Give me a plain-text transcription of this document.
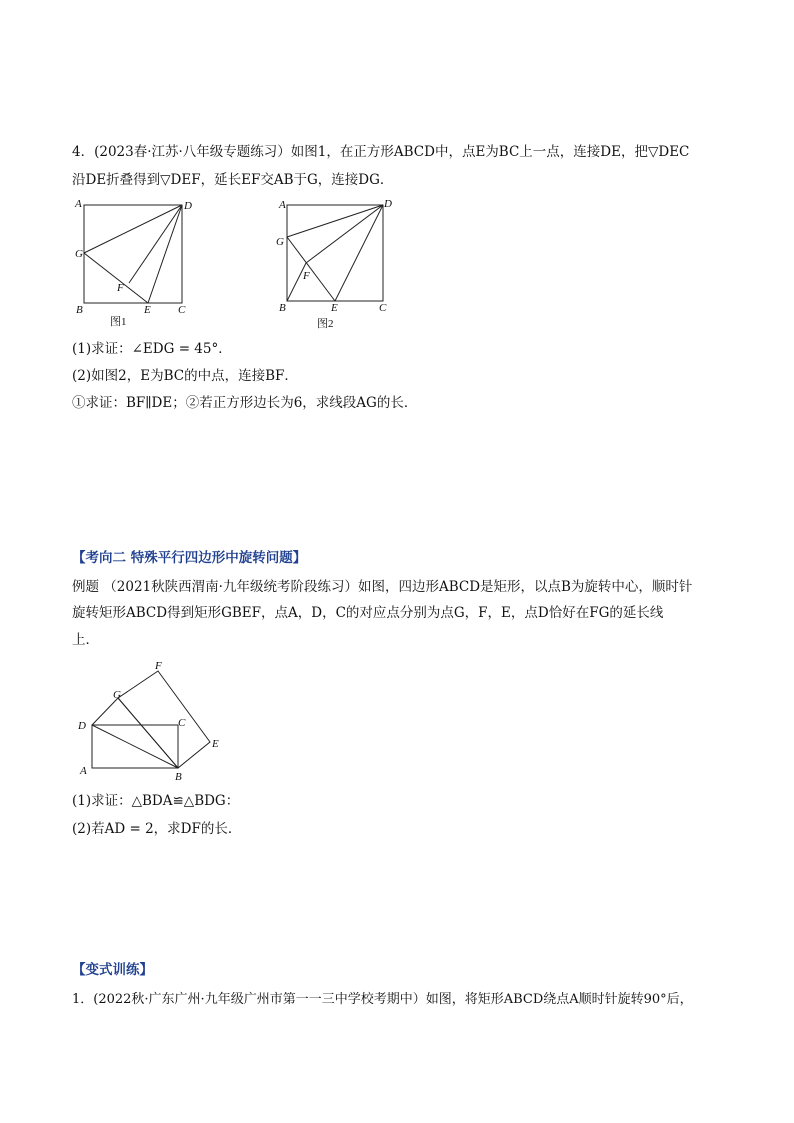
4．(2023春·江苏·八年级专题练习）如图1，在正方形ABCD中，点E为BC上一点，连接DE，把▽DEC
沿DE折叠得到▽DEF，延长EF交AB于G，连接DG．
A	D
G
F
B	E C
图1
A	D
G
F
B	E	C
图2
(1)求证：∠EDG = 45°．
(2)如图2，E为BC的中点，连接BF．
①求证：BF∥DE；②若正方形边长为6，求线段AG的长．
【考向二 特殊平行四边形中旋转问题】
例题 （2021秋陕西渭南·九年级统考阶段练习）如图，四边形ABCD是矩形，以点B为旋转中心，顺时针
旋转矩形ABCD得到矩形GBEF，点A，D，C的对应点分别为点G，F，E，点D恰好在FG的延长线
上．
F
G
D	C
E
A	B
(1)求证：△BDA≌△BDG：
(2)若AD = 2，求DF的长．
【变式训练】
1．(2022秋·广东广州·九年级广州市第一一三中学校考期中）如图，将矩形ABCD绕点A顺时针旋转90°后，
